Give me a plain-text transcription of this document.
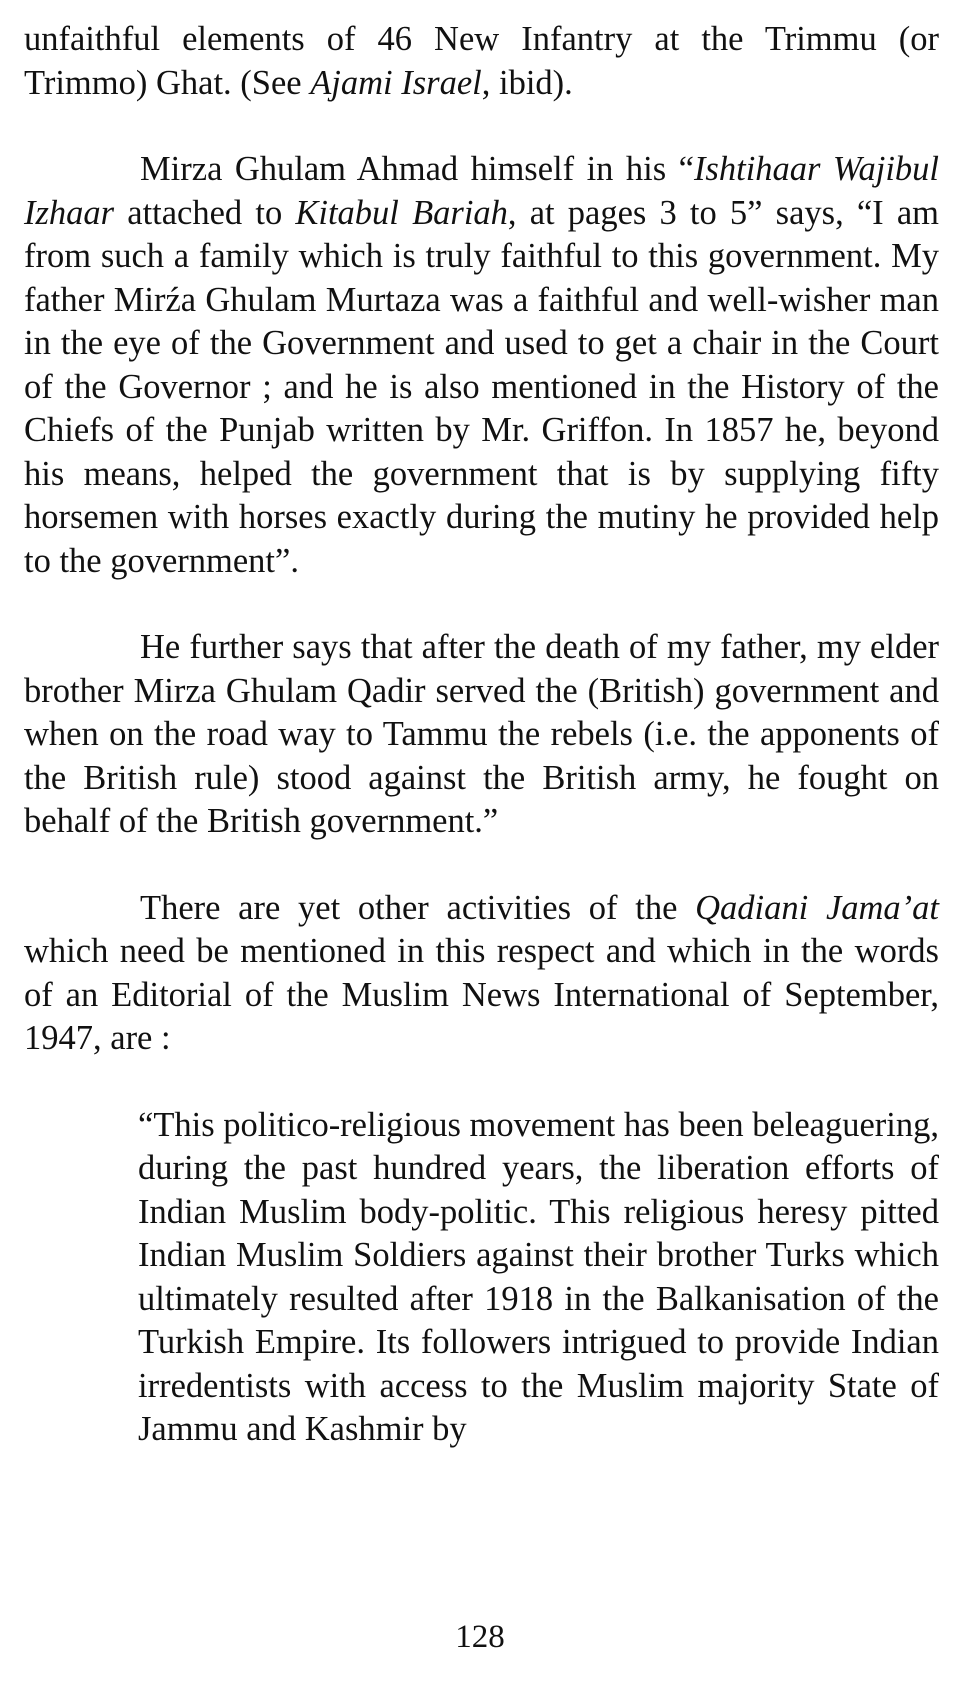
unfaithful elements of 46 New Infantry at the Trimmu (or Trimmo) Ghat. (See Ajami Israel, ibid).

Mirza Ghulam Ahmad himself in his “Ishtihaar Wajibul Izhaar attached to Kitabul Bariah, at pages 3 to 5” says, “I am from such a family which is truly faithful to this government. My father Mirźa Ghulam Murtaza was a faithful and well-wisher man in the eye of the Government and used to get a chair in the Court of the Governor ; and he is also mentioned in the History of the Chiefs of the Punjab written by Mr. Griffon. In 1857 he, beyond his means, helped the government that is by supplying fifty horsemen with horses exactly during the mutiny he provided help to the government”.

He further says that after the death of my father, my elder brother Mirza Ghulam Qadir served the (British) government and when on the road way to Tammu the rebels (i.e. the apponents of the British rule) stood against the British army, he fought on behalf of the British government.”

There are yet other activities of the Qadiani Jama’at which need be mentioned in this respect and which in the words of an Editorial of the Muslim News International of September, 1947, are :

“This politico-religious movement has been beleaguering, during the past hundred years, the liberation efforts of Indian Muslim body-politic. This religious heresy pitted Indian Muslim Soldiers against their brother Turks which ultimately resulted after 1918 in the Balkanisation of the Turkish Empire. Its followers intrigued to provide Indian irredentists with access to the Muslim majority State of Jammu and Kashmir by
128
